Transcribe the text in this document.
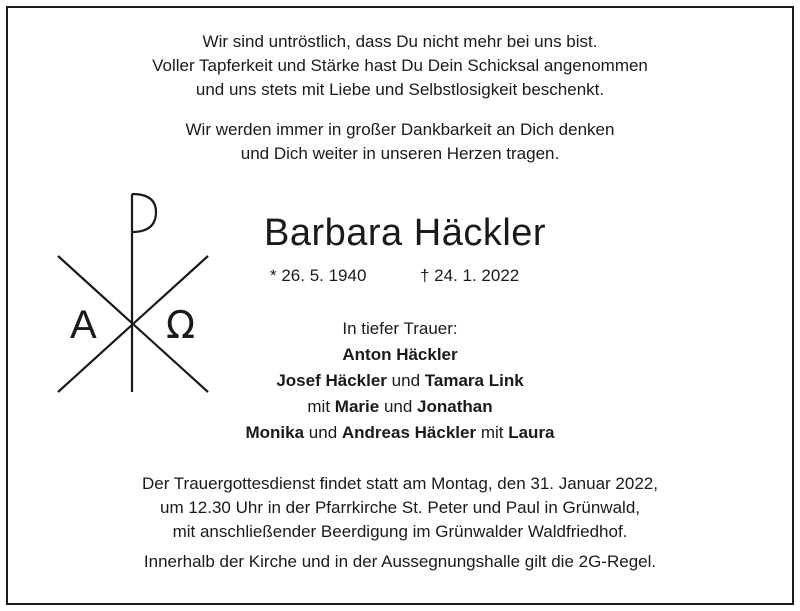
Wir sind untröstlich, dass Du nicht mehr bei uns bist.
Voller Tapferkeit und Stärke hast Du Dein Schicksal angenommen
und uns stets mit Liebe und Selbstlosigkeit beschenkt.
Wir werden immer in großer Dankbarkeit an Dich denken
und Dich weiter in unseren Herzen tragen.
A Ω
Barbara Häckler
* 26. 5. 1940	† 24. 1. 2022
In tiefer Trauer:
Anton Häckler
Josef Häckler und Tamara Link
mit Marie und Jonathan
Monika und Andreas Häckler mit Laura
Der Trauergottesdienst findet statt am Montag, den 31. Januar 2022,
um 12.30 Uhr in der Pfarrkirche St. Peter und Paul in Grünwald,
mit anschließender Beerdigung im Grünwalder Waldfriedhof.
Innerhalb der Kirche und in der Aussegnungshalle gilt die 2G-Regel.
